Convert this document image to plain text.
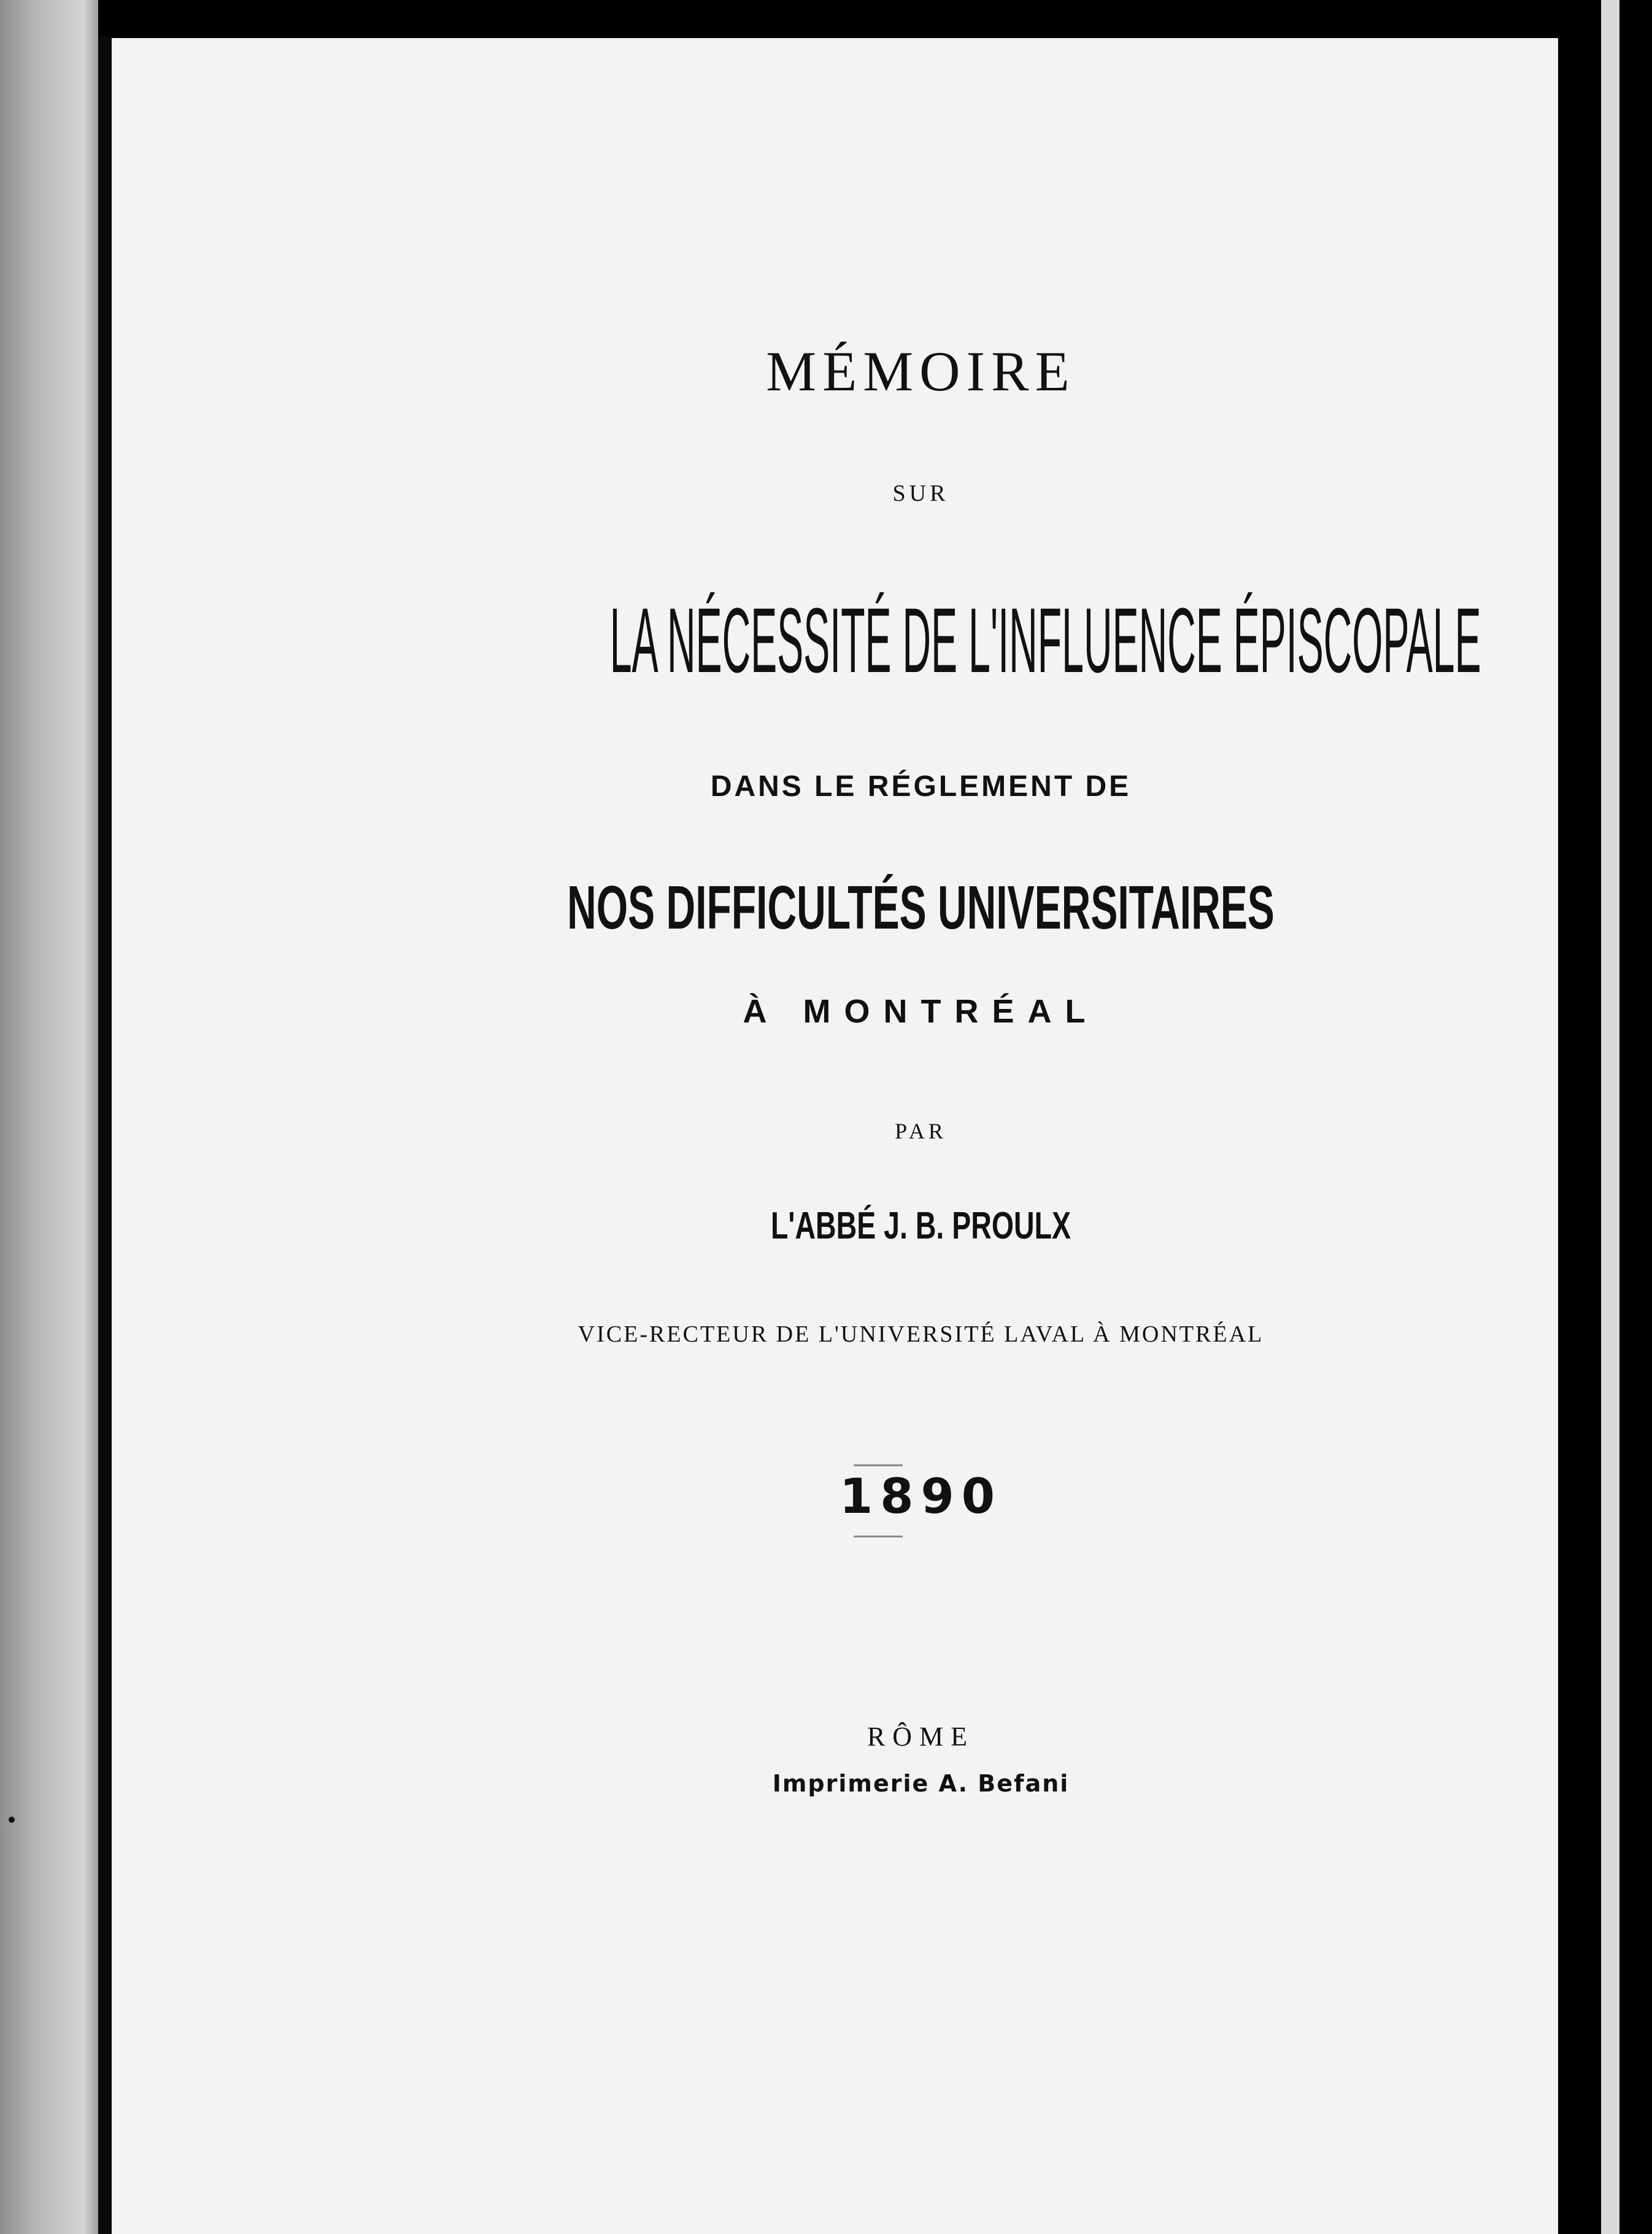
MÉMOIRE
SUR
LA NÉCESSITÉ DE L'INFLUENCE ÉPISCOPALE
DANS LE RÉGLEMENT DE
NOS DIFFICULTÉS UNIVERSITAIRES
À MONTRÉAL
PAR
L'ABBÉ J. B. PROULX
VICE-RECTEUR DE L'UNIVERSITÉ LAVAL À MONTRÉAL
1890
RÔME
Imprimerie A. Befani
